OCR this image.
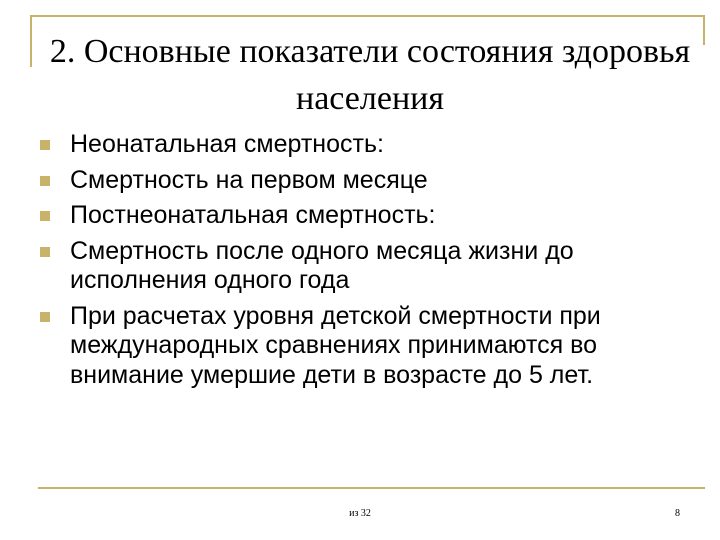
2. Основные показатели состояния здоровья населения
Неонатальная смертность:
Смертность на первом месяце
Постнеонатальная смертность:
Смертность после одного месяца жизни до исполнения одного года
При расчетах уровня детской смертности при международных сравнениях принимаются во внимание умершие дети в возрасте до 5 лет.
из 32	8
